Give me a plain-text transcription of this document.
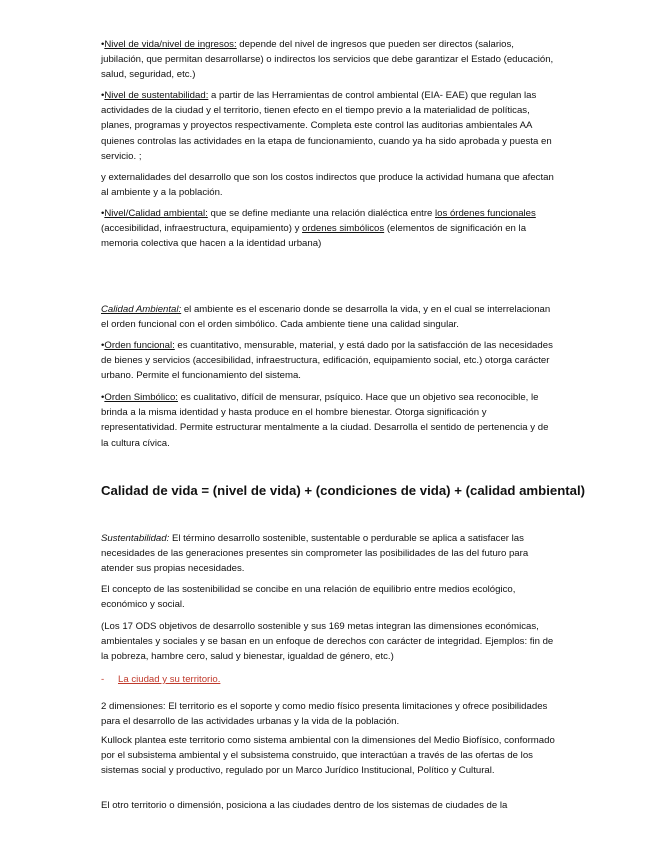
•Nivel de vida/nivel de ingresos: depende del nivel de ingresos que pueden ser directos (salarios, jubilación, que permitan desarrollarse) o indirectos los servicios que debe garantizar el Estado (educación, salud, seguridad, etc.)

•Nivel de sustentabilidad: a partir de las Herramientas de control ambiental (EIA- EAE) que regulan las actividades de la ciudad y el territorio, tienen efecto en el tiempo previo a la materialidad de políticas, planes, programas y proyectos respectivamente. Completa este control las auditorias ambientales AA quienes controlas las actividades en la etapa de funcionamiento, cuando ya ha sido aprobada y puesta en servicio. ;

y externalidades del desarrollo que son los costos indirectos que produce la actividad humana que afectan al ambiente y a la población.

•Nivel/Calidad ambiental: que se define mediante una relación dialéctica entre los órdenes funcionales (accesibilidad, infraestructura, equipamiento) y ordenes simbólicos (elementos de significación en la memoria colectiva que hacen a la identidad urbana)

Calidad Ambiental: el ambiente es el escenario donde se desarrolla la vida, y en el cual se interrelacionan el orden funcional con el orden simbólico. Cada ambiente tiene una calidad singular.

•Orden funcional: es cuantitativo, mensurable, material, y está dado por la satisfacción de las necesidades de bienes y servicios (accesibilidad, infraestructura, edificación, equipamiento social, etc.) otorga carácter urbano. Permite el funcionamiento del sistema.

•Orden Simbólico: es cualitativo, difícil de mensurar, psíquico. Hace que un objetivo sea reconocible, le brinda a la misma identidad y hasta produce en el hombre bienestar. Otorga significación y representatividad. Permite estructurar mentalmente a la ciudad. Desarrolla el sentido de pertenencia y de la cultura cívica.

Calidad de vida = (nivel de vida) + (condiciones de vida) + (calidad ambiental)

Sustentabilidad: El término desarrollo sostenible, sustentable o perdurable se aplica a satisfacer las necesidades de las generaciones presentes sin comprometer las posibilidades de las del futuro para atender sus propias necesidades.

El concepto de las sostenibilidad se concibe en una relación de equilibrio entre medios ecológico, económico y social.

(Los 17 ODS objetivos de desarrollo sostenible y sus 169 metas integran las dimensiones económicas, ambientales y sociales y se basan en un enfoque de derechos con carácter de integridad. Ejemplos: fin de la pobreza, hambre cero, salud y bienestar, igualdad de género, etc.)

- La ciudad y su territorio.

2 dimensiones: El territorio es el soporte y como medio físico presenta limitaciones y ofrece posibilidades para el desarrollo de las actividades urbanas y la vida de la población.

Kullock plantea este territorio como sistema ambiental con la dimensiones del Medio Biofísico, conformado por el subsistema ambiental y el subsistema construido, que interactúan a través de las ofertas de los sistemas social y productivo, regulado por un Marco Jurídico Institucional, Político y Cultural.

El otro territorio o dimensión, posiciona a las ciudades dentro de los sistemas de ciudades de la
